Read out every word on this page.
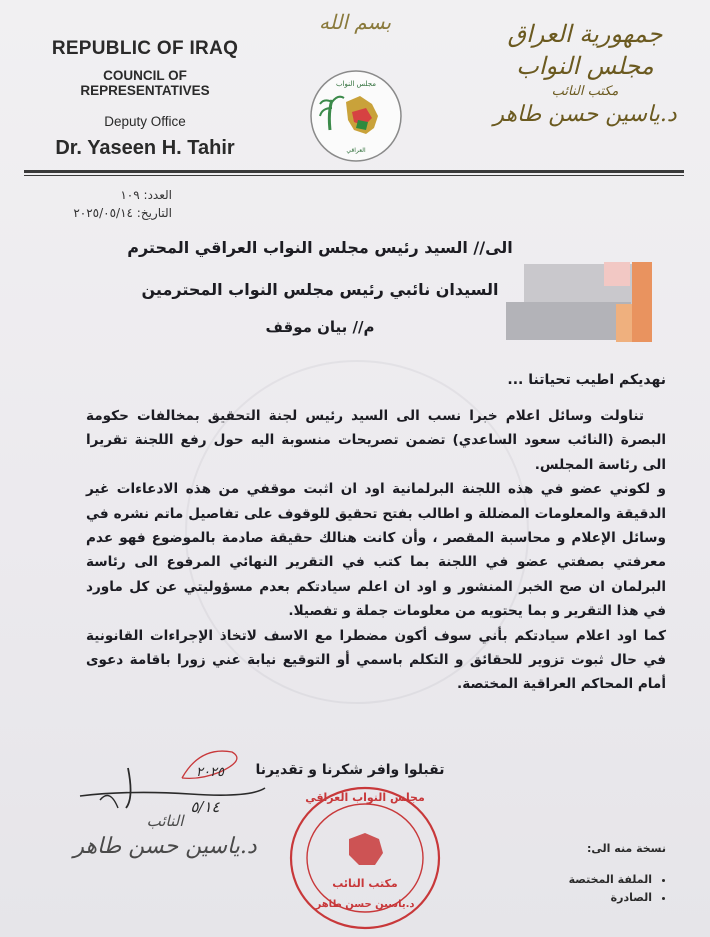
REPUBLIC OF IRAQ
COUNCIL OF REPRESENTATIVES
Deputy Office
Dr. Yaseen H. Tahir
بسم الله
مجلس النواب
العراقي
جمهورية العراق
مجلس النواب
مكتب النائب
د.ياسين حسن طاهر
العدد: ١٠٩
التاريخ: ٢٠٢٥/٠٥/١٤
الى// السيد رئيس مجلس النواب العراقي المحترم
السيدان نائبي رئيس مجلس النواب المحترمين
م// بيان موقف
نهديكم اطيب تحياتنا ...

تناولت وسائل اعلام خبرا نسب الى السيد رئيس لجنة التحقيق بمخالفات حكومة البصرة (النائب سعود الساعدي) تضمن تصريحات منسوبة اليه حول رفع اللجنة تقريرا الى رئاسة المجلس.

و لكوني عضو في هذه اللجنة البرلمانية اود ان اثبت موقفي من هذه الادعاءات غير الدقيقة والمعلومات المضللة و اطالب بفتح تحقيق للوقوف على تفاصيل ماتم نشره في وسائل الإعلام و محاسبة المقصر ، وأن كانت هنالك حقيقة صادمة بالموضوع فهو عدم معرفتي بصفتي عضو في اللجنة بما كتب في التقرير النهائي المرفوع الى رئاسة البرلمان ان صح الخبر المنشور و اود ان اعلم سيادتكم بعدم مسؤوليتي عن كل ماورد في هذا التقرير و بما يحتويه من معلومات جملة و تفصيلا.

كما اود اعلام سيادتكم بأني سوف أكون مضطرا مع الاسف لاتخاذ الإجراءات القانونية في حال ثبوت تزوير للحقائق و التكلم باسمي أو التوقيع نيابة عني زورا باقامة دعوى أمام المحاكم العراقية المختصة.

تقبلوا وافر شكرنا و تقديرنا
٢٠٢٥
٥/١٤
النائب
د.ياسين حسن طاهر
مجلس النواب العراقي
مكتب النائب
د.ياسين حسن طاهر
نسخة منه الى:
• الملفة المختصة
• الصادرة
